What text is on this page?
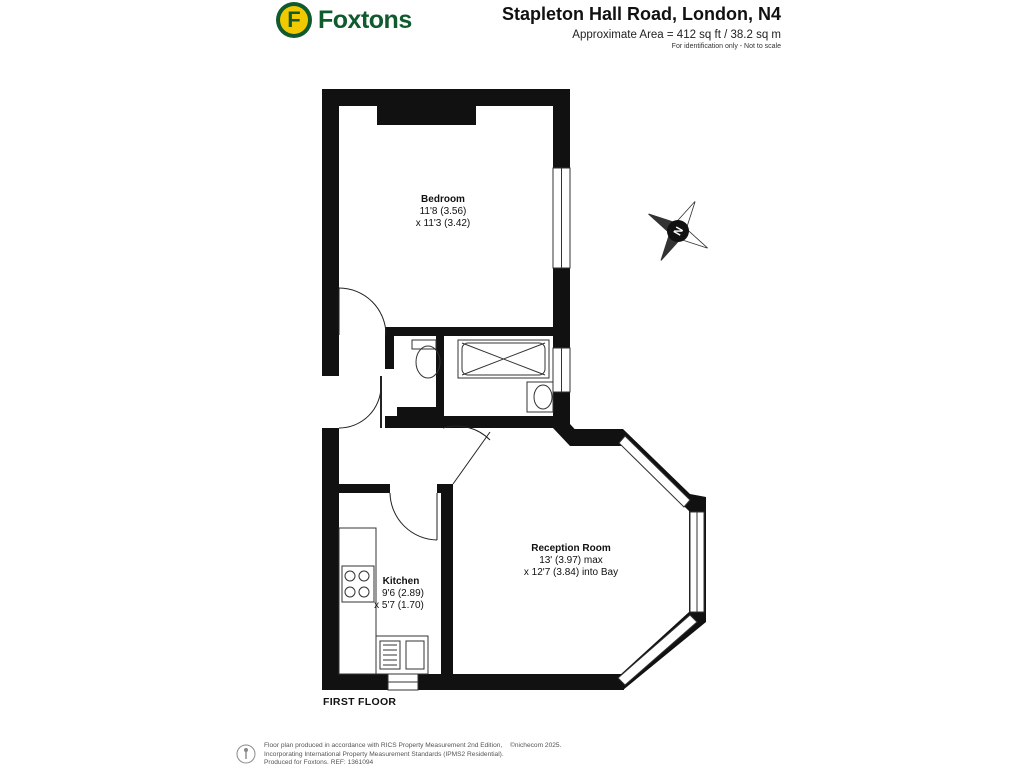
F Foxtons	Stapleton Hall Road, London, N4
Approximate Area = 412 sq ft / 38.2 sq m
For identification only - Not to scale
N
Bedroom
11'8 (3.56)
x 11'3 (3.42)
Reception Room
13' (3.97) max
x 12'7 (3.84) into Bay
Kitchen
9'6 (2.89)
x 5'7 (1.70)
FIRST FLOOR
Floor plan produced in accordance with RICS Property Measurement 2nd Edition,
Incorporating International Property Measurement Standards (IPMS2 Residential).
Produced for Foxtons. REF: 1361094
©nichecom 2025.
